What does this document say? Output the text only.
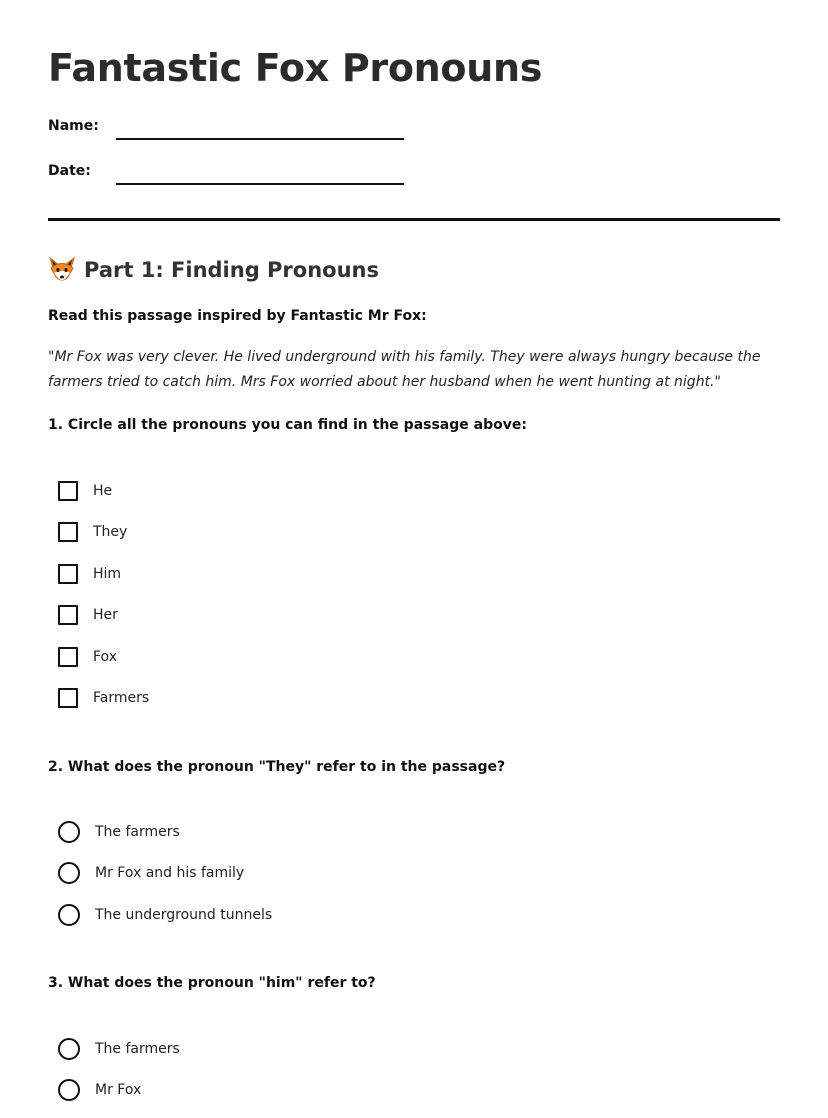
Fantastic Fox Pronouns
Name:
Date:
Part 1: Finding Pronouns
Read this passage inspired by Fantastic Mr Fox:

"Mr Fox was very clever. He lived underground with his family. They were always hungry because the
farmers tried to catch him. Mrs Fox worried about her husband when he went hunting at night."

1. Circle all the pronouns you can find in the passage above:
He
They
Him
Her
Fox
Farmers
2. What does the pronoun "They" refer to in the passage?
The farmers
Mr Fox and his family
The underground tunnels
3. What does the pronoun "him" refer to?
The farmers
Mr Fox
